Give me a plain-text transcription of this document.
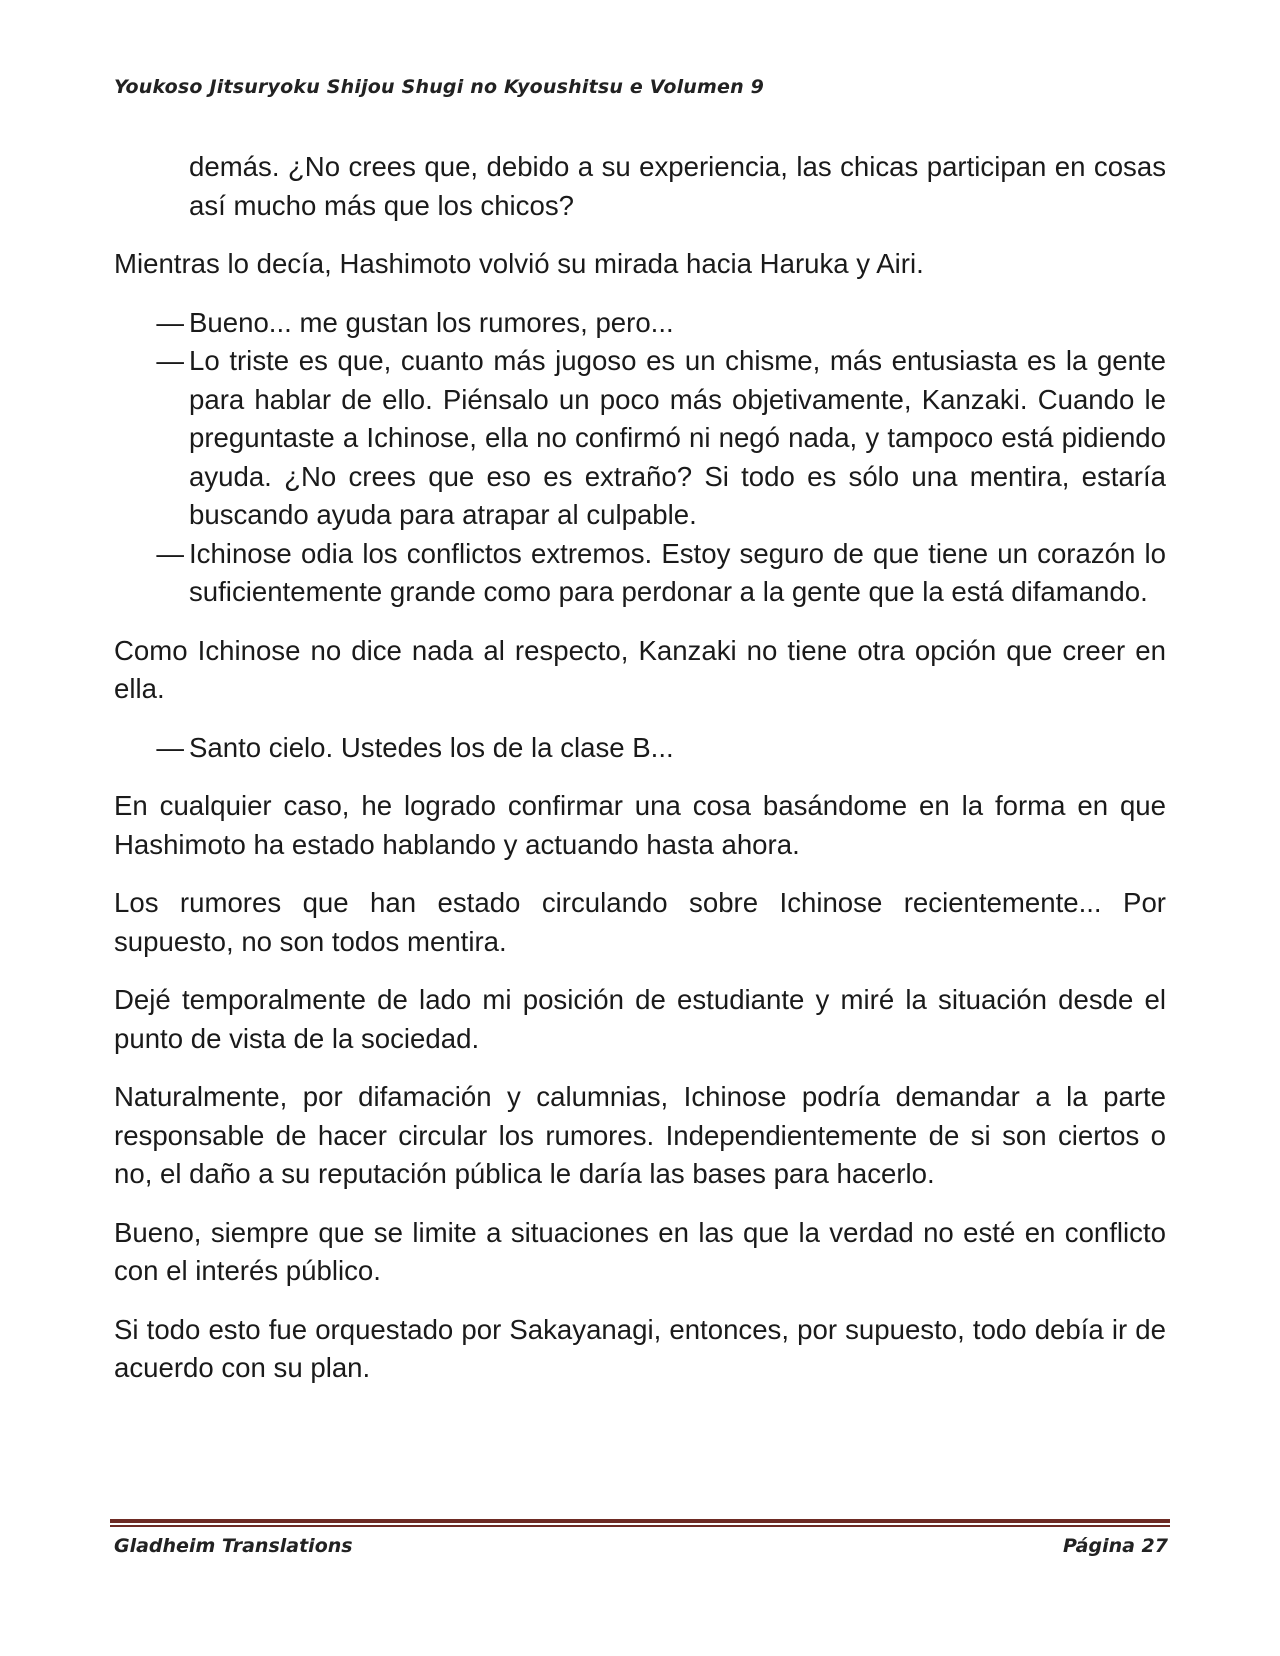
Youkoso Jitsuryoku Shijou Shugi no Kyoushitsu e Volumen 9

demás. ¿No crees que, debido a su experiencia, las chicas participan en cosas así mucho más que los chicos?

Mientras lo decía, Hashimoto volvió su mirada hacia Haruka y Airi.

— Bueno... me gustan los rumores, pero...
— Lo triste es que, cuanto más jugoso es un chisme, más entusiasta es la gente para hablar de ello. Piénsalo un poco más objetivamente, Kanzaki. Cuando le preguntaste a Ichinose, ella no confirmó ni negó nada, y tampoco está pidiendo ayuda. ¿No crees que eso es extraño? Si todo es sólo una mentira, estaría buscando ayuda para atrapar al culpable.
— Ichinose odia los conflictos extremos. Estoy seguro de que tiene un corazón lo suficientemente grande como para perdonar a la gente que la está difamando.

Como Ichinose no dice nada al respecto, Kanzaki no tiene otra opción que creer en ella.

— Santo cielo. Ustedes los de la clase B...

En cualquier caso, he logrado confirmar una cosa basándome en la forma en que Hashimoto ha estado hablando y actuando hasta ahora.

Los rumores que han estado circulando sobre Ichinose recientemente... Por supuesto, no son todos mentira.

Dejé temporalmente de lado mi posición de estudiante y miré la situación desde el punto de vista de la sociedad.

Naturalmente, por difamación y calumnias, Ichinose podría demandar a la parte responsable de hacer circular los rumores. Independientemente de si son ciertos o no, el daño a su reputación pública le daría las bases para hacerlo.

Bueno, siempre que se limite a situaciones en las que la verdad no esté en conflicto con el interés público.

Si todo esto fue orquestado por Sakayanagi, entonces, por supuesto, todo debía ir de acuerdo con su plan.

Gladheim Translations	Página 27
